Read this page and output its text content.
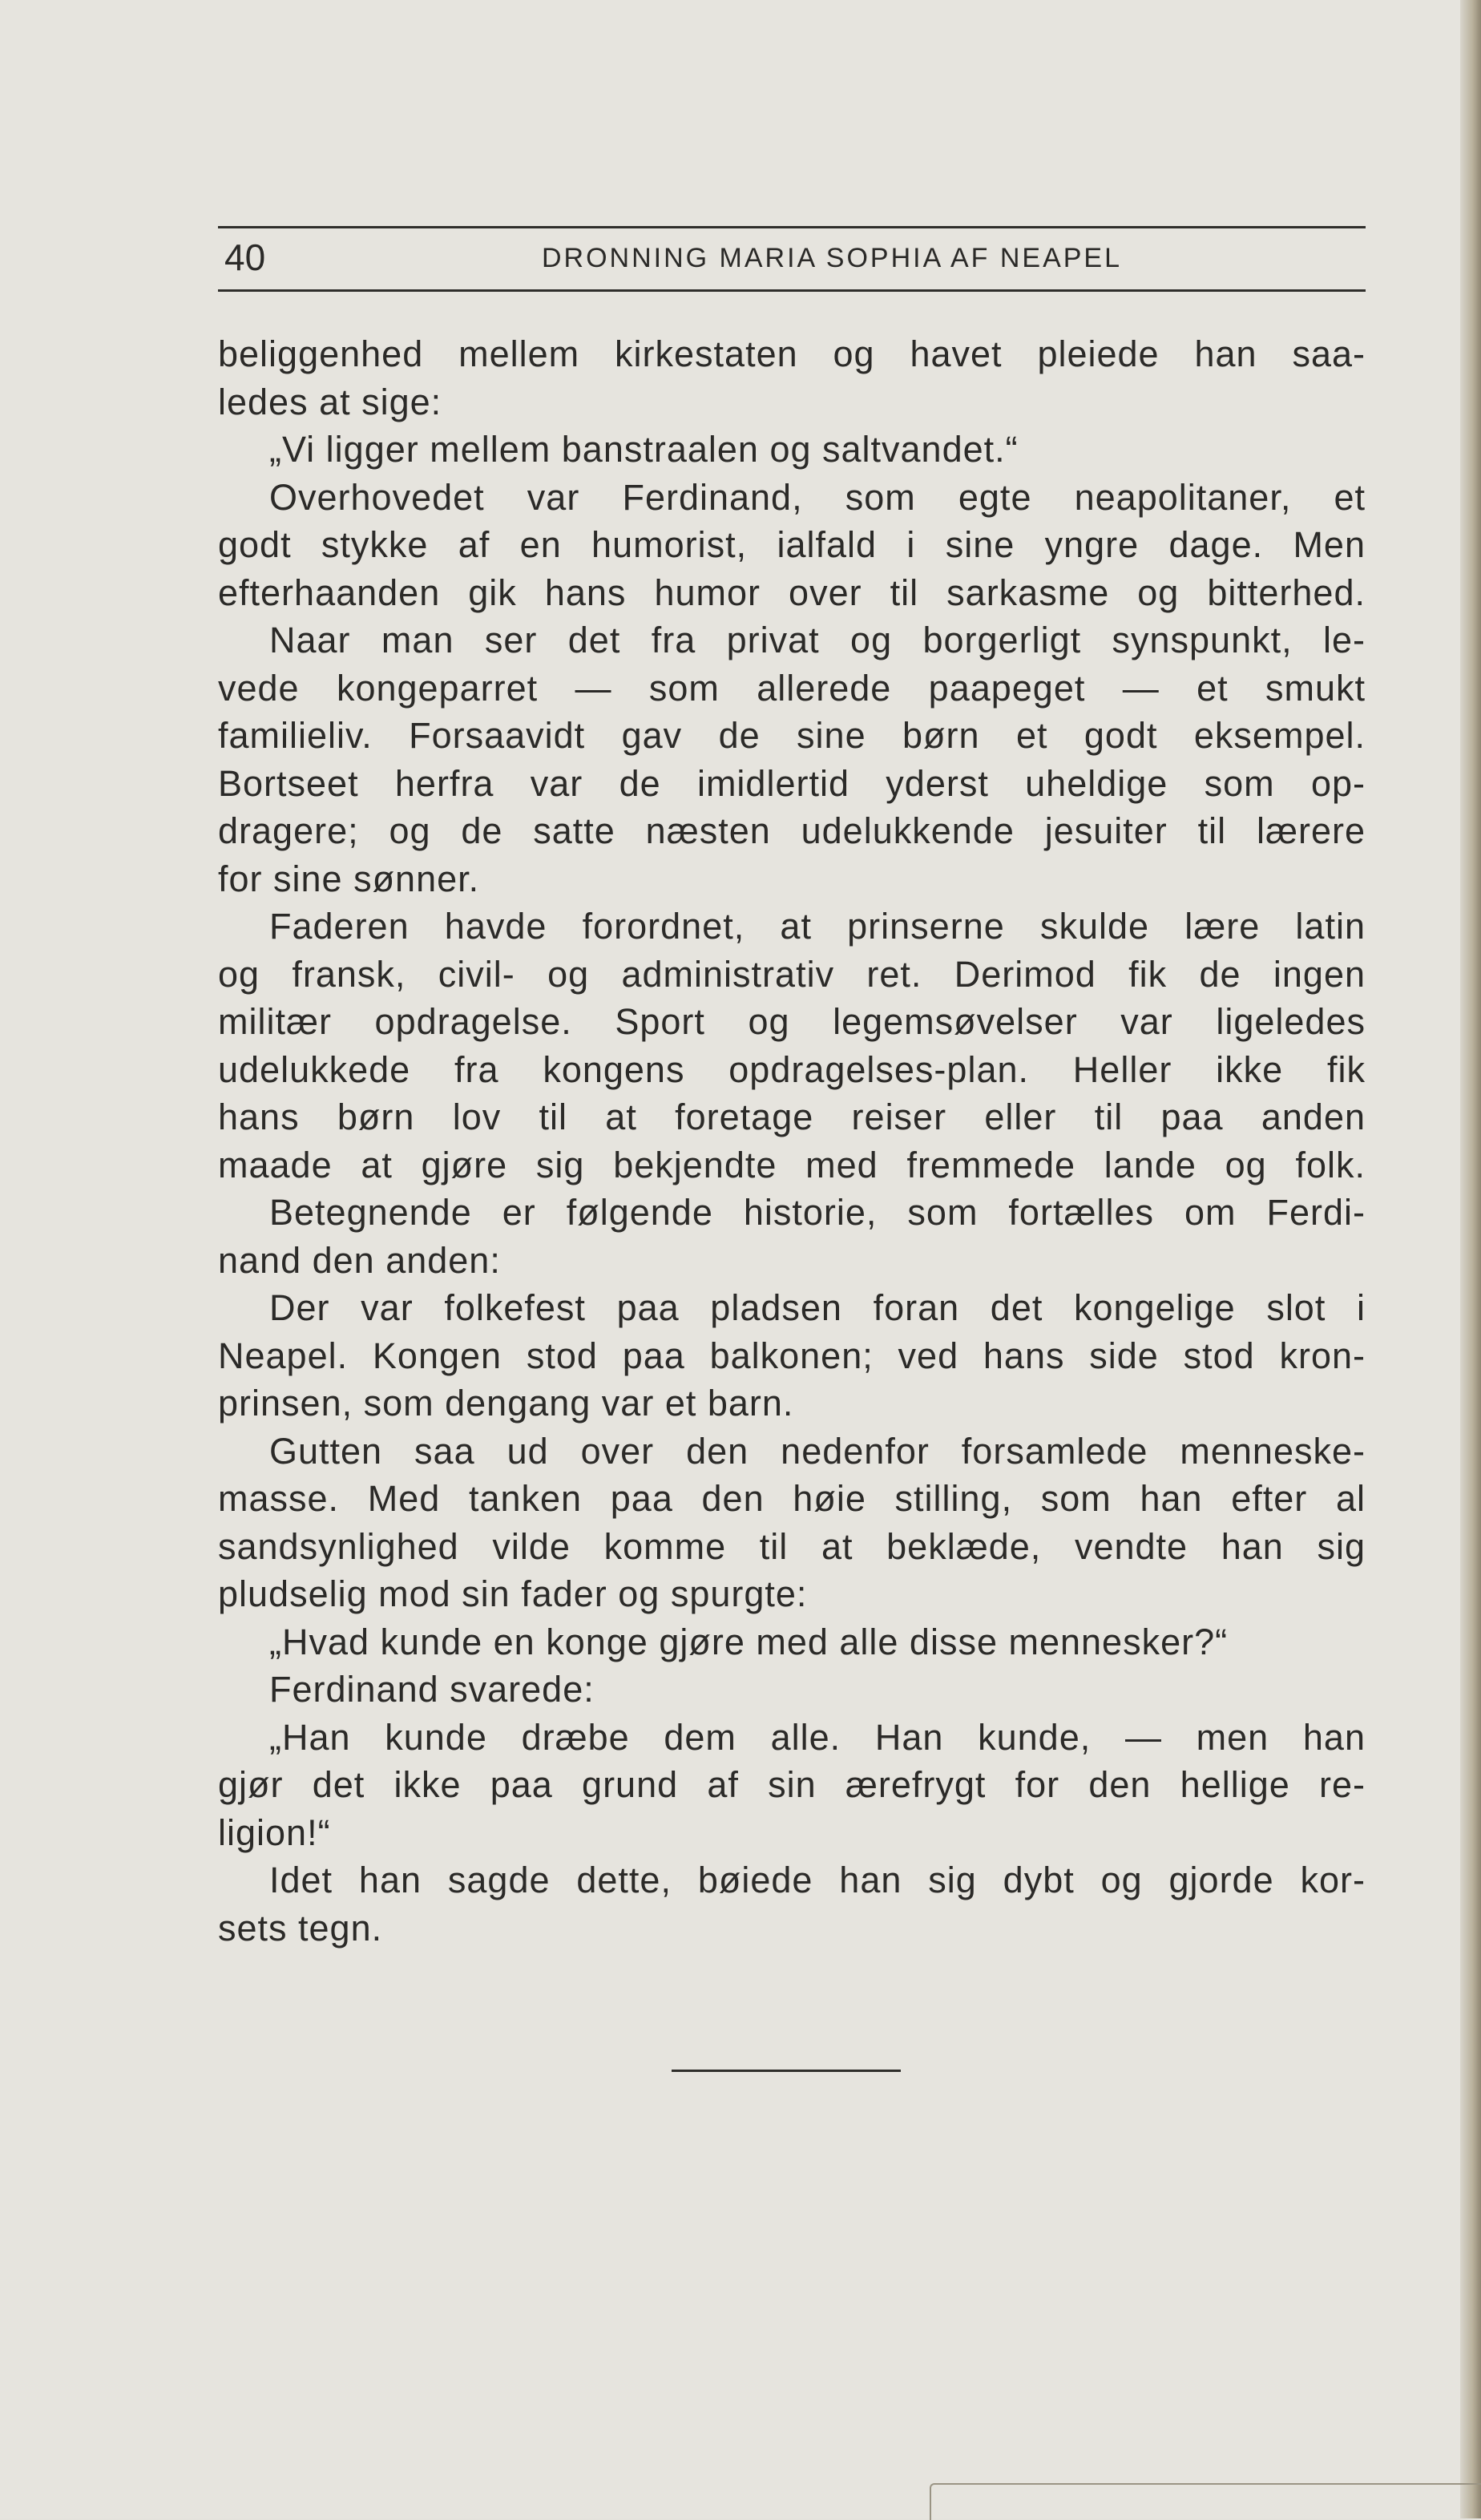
40	DRONNING MARIA SOPHIA AF NEAPEL
beliggenhed mellem kirkestaten og havet pleiede han saa-
ledes at sige:
„Vi ligger mellem banstraalen og saltvandet.“
Overhovedet var Ferdinand, som egte neapolitaner, et
godt stykke af en humorist, ialfald i sine yngre dage. Men
efterhaanden gik hans humor over til sarkasme og bitterhed.
Naar man ser det fra privat og borgerligt synspunkt, le-
vede kongeparret — som allerede paapeget — et smukt
familieliv. Forsaavidt gav de sine børn et godt eksempel.
Bortseet herfra var de imidlertid yderst uheldige som op-
dragere; og de satte næsten udelukkende jesuiter til lærere
for sine sønner.
Faderen havde forordnet, at prinserne skulde lære latin
og fransk, civil- og administrativ ret. Derimod fik de ingen
militær opdragelse. Sport og legemsøvelser var ligeledes
udelukkede fra kongens opdragelses-plan. Heller ikke fik
hans børn lov til at foretage reiser eller til paa anden
maade at gjøre sig bekjendte med fremmede lande og folk.
Betegnende er følgende historie, som fortælles om Ferdi-
nand den anden:
Der var folkefest paa pladsen foran det kongelige slot i
Neapel. Kongen stod paa balkonen; ved hans side stod kron-
prinsen, som dengang var et barn.
Gutten saa ud over den nedenfor forsamlede menneske-
masse. Med tanken paa den høie stilling, som han efter al
sandsynlighed vilde komme til at beklæde, vendte han sig
pludselig mod sin fader og spurgte:
„Hvad kunde en konge gjøre med alle disse mennesker?“
Ferdinand svarede:
„Han kunde dræbe dem alle. Han kunde, — men han
gjør det ikke paa grund af sin ærefrygt for den hellige re-
ligion!“
Idet han sagde dette, bøiede han sig dybt og gjorde kor-
sets tegn.
